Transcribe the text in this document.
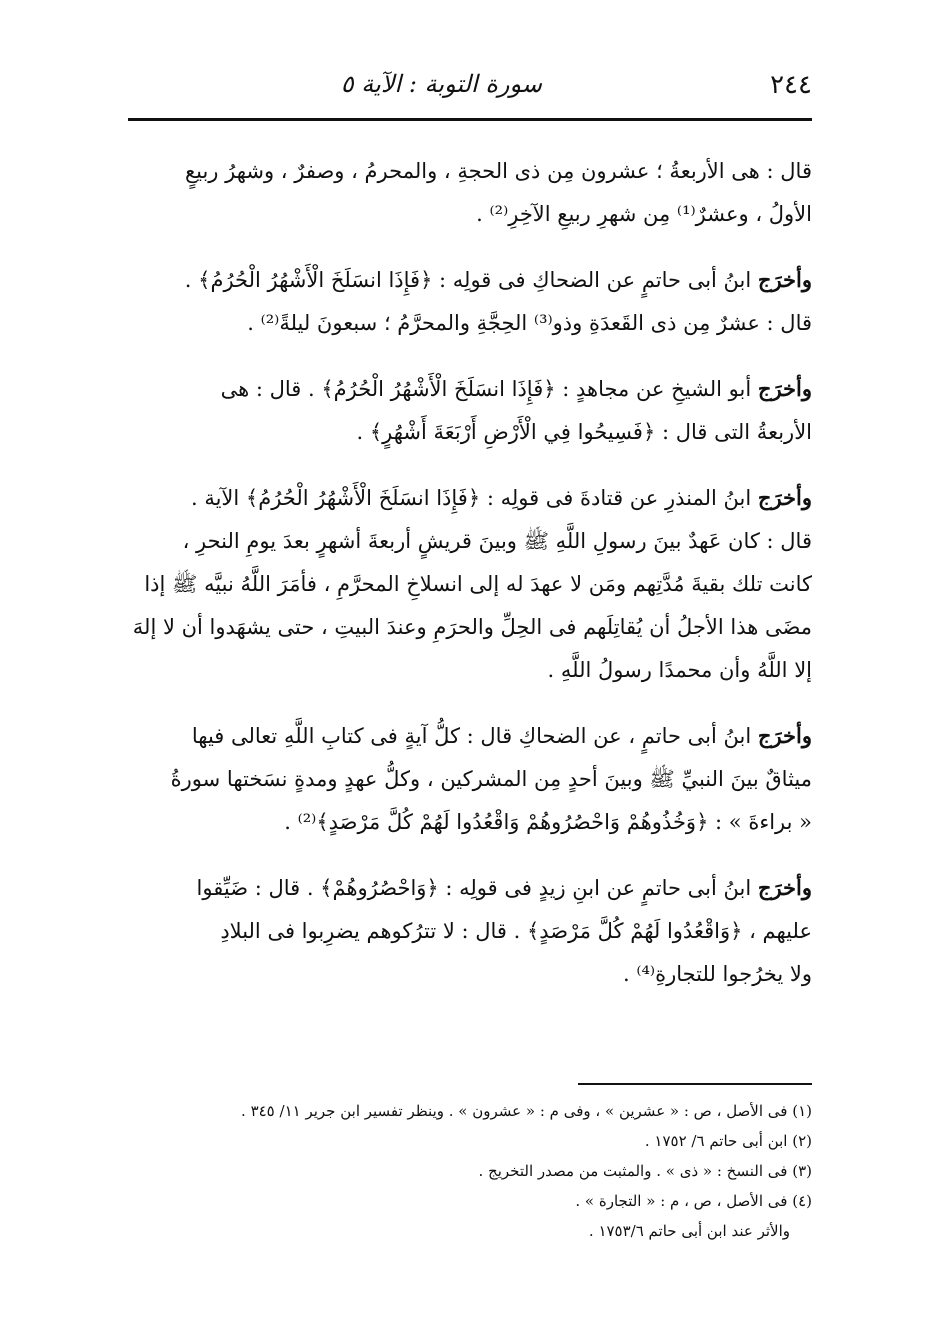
٢٤٤
سورة التوبة : الآية ٥

قال : هى الأربعةُ ؛ عشرون مِن ذى الحجةِ ، والمحرمُ ، وصفرٌ ، وشهرُ ربيعٍ
الأولُ ، وعشرٌ⁽¹⁾ مِن شهرِ ربيعِ الآخِرِ⁽²⁾ .

وأخرَج ابنُ أبى حاتمٍ عن الضحاكِ فى قولِه : ﴿فَإِذَا انسَلَخَ الْأَشْهُرُ الْحُرُمُ﴾ .
قال : عشرٌ مِن ذى القَعدَةِ وذو⁽³⁾ الحِجَّةِ والمحرَّمُ ؛ سبعونَ ليلةً⁽²⁾ .

وأخرَج أبو الشيخِ عن مجاهدٍ : ﴿فَإِذَا انسَلَخَ الْأَشْهُرُ الْحُرُمُ﴾ . قال : هى
الأربعةُ التى قال : ﴿فَسِيحُوا فِي الْأَرْضِ أَرْبَعَةَ أَشْهُرٍ﴾ .

وأخرَج ابنُ المنذرِ عن قتادةَ فى قولِه : ﴿فَإِذَا انسَلَخَ الْأَشْهُرُ الْحُرُمُ﴾ الآية .
قال : كان عَهدٌ بينَ رسولِ اللَّهِ ﷺ وبينَ قريشٍ أربعةَ أشهرٍ بعدَ يومِ النحرِ ،
كانت تلك بقيةَ مُدَّتِهم ومَن لا عهدَ له إلى انسلاخِ المحرَّمِ ، فأمَرَ اللَّهُ نبيَّه ﷺ إذا
مضَى هذا الأجلُ أن يُقاتِلَهم فى الحِلِّ والحرَمِ وعندَ البيتِ ، حتى يشهَدوا أن لا إلهَ
إلا اللَّهُ وأن محمدًا رسولُ اللَّهِ .

وأخرَج ابنُ أبى حاتمٍ ، عن الضحاكِ قال : كلُّ آيةٍ فى كتابِ اللَّهِ تعالى فيها
ميثاقٌ بينَ النبيِّ ﷺ وبينَ أحدٍ مِن المشركين ، وكلُّ عهدٍ ومدةٍ نسَختها سورةُ
« براءةَ » : ﴿وَخُذُوهُمْ وَاحْصُرُوهُمْ وَاقْعُدُوا لَهُمْ كُلَّ مَرْصَدٍ﴾⁽²⁾ .

وأخرَج ابنُ أبى حاتمٍ عن ابنِ زيدٍ فى قولِه : ﴿وَاحْصُرُوهُمْ﴾ . قال : ضَيِّقوا
عليهم ، ﴿وَاقْعُدُوا لَهُمْ كُلَّ مَرْصَدٍ﴾ . قال : لا تترُكوهم يضرِبوا فى البلادِ
ولا يخرُجوا للتجارةِ⁽⁴⁾ .

(١) فى الأصل ، ص : « عشرين » ، وفى م : « عشرون » . وينظر تفسير ابن جرير ١١/ ٣٤٥ .
(٢) ابن أبى حاتم ٦/ ١٧٥٢ .
(٣) فى النسخ : « ذى » . والمثبت من مصدر التخريج .
(٤) فى الأصل ، ص ، م : « التجارة » .
والأثر عند ابن أبى حاتم ١٧٥٣/٦ .
